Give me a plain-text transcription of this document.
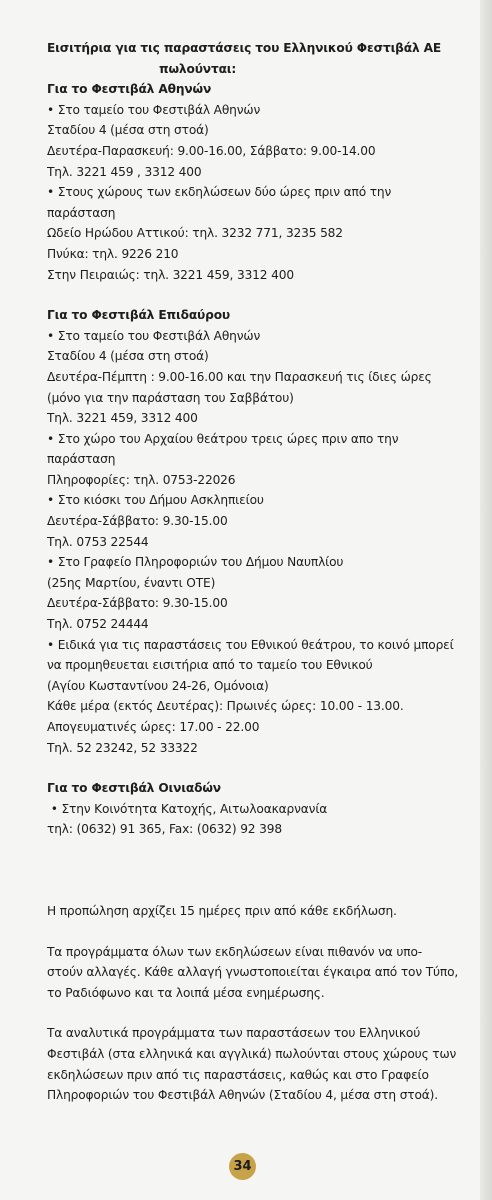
Εισιτήρια για τις παραστάσεις του Ελληνικού Φεστιβάλ ΑΕ
πωλούνται:
Για το Φεστιβάλ Αθηνών
• Στο ταμείο του Φεστιβάλ Αθηνών
Σταδίου 4 (μέσα στη στοά)
Δευτέρα-Παρασκευή: 9.00-16.00, Σάββατο: 9.00-14.00
Τηλ. 3221 459 , 3312 400
• Στους χώρους των εκδηλώσεων δύο ώρες πριν από την
παράσταση
Ωδείο Ηρώδου Αττικού: τηλ. 3232 771, 3235 582
Πνύκα: τηλ. 9226 210
Στην Πειραιώς: τηλ. 3221 459, 3312 400
Για το Φεστιβάλ Επιδαύρου
• Στο ταμείο του Φεστιβάλ Αθηνών
Σταδίου 4 (μέσα στη στοά)
Δευτέρα-Πέμπτη : 9.00-16.00 και την Παρασκευή τις ίδιες ώρες
(μόνο για την παράσταση του Σαββάτου)
Τηλ. 3221 459, 3312 400
• Στο χώρο του Αρχαίου θεάτρου τρεις ώρες πριν απο την
παράσταση
Πληροφορίες: τηλ. 0753-22026
• Στο κιόσκι του Δήμου Ασκληπιείου
Δευτέρα-Σάββατο: 9.30-15.00
Τηλ. 0753 22544
• Στο Γραφείο Πληροφοριών του Δήμου Ναυπλίου
(25ης Μαρτίου, έναντι ΟΤΕ)
Δευτέρα-Σάββατο: 9.30-15.00
Τηλ. 0752 24444
• Ειδικά για τις παραστάσεις του Εθνικού θεάτρου, το κοινό μπορεί
να προμηθευεται εισιτήρια από το ταμείο του Εθνικού
(Αγίου Κωσταντίνου 24-26, Ομόνοια)
Κάθε μέρα (εκτός Δευτέρας): Πρωινές ώρες: 10.00 - 13.00.
Απογευματινές ώρες: 17.00 - 22.00
Τηλ. 52 23242, 52 33322
Για το Φεστιβάλ Οινιαδών
• Στην Κοινότητα Κατοχής, Αιτωλοακαρνανία
τηλ: (0632) 91 365, Fax: (0632) 92 398
Η προπώληση αρχίζει 15 ημέρες πριν από κάθε εκδήλωση.
Τα προγράμματα όλων των εκδηλώσεων είναι πιθανόν να υπο-
στούν αλλαγές. Κάθε αλλαγή γνωστοποιείται έγκαιρα από τον Τύπο,
το Ραδιόφωνο και τα λοιπά μέσα ενημέρωσης.
Τα αναλυτικά προγράμματα των παραστάσεων του Ελληνικού
Φεστιβάλ (στα ελληνικά και αγγλικά) πωλούνται στους χώρους των
εκδηλώσεων πριν από τις παραστάσεις, καθώς και στο Γραφείο
Πληροφοριών του Φεστιβάλ Αθηνών (Σταδίου 4, μέσα στη στοά).
34
